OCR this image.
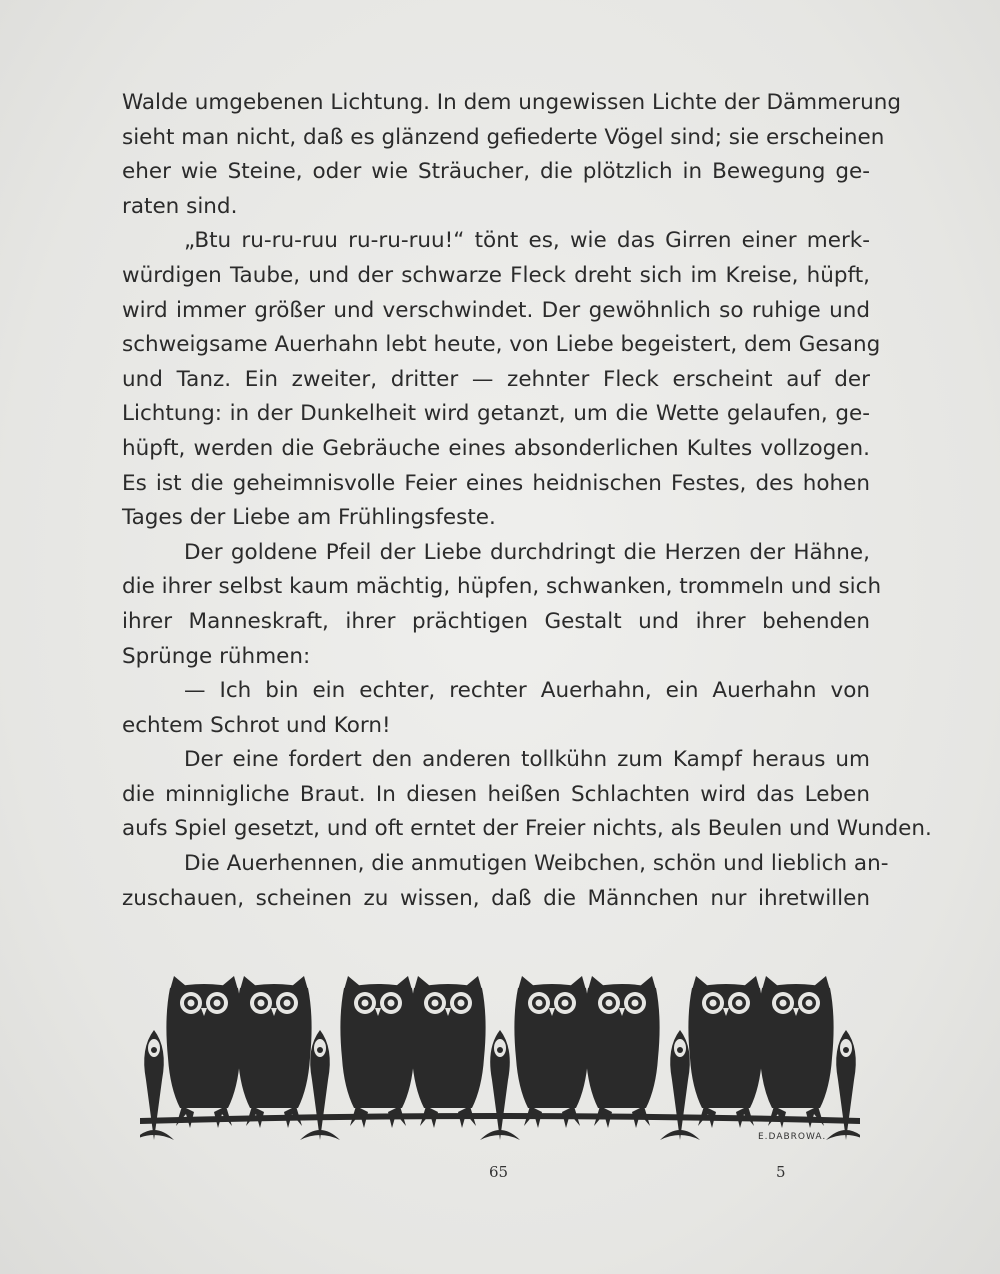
Walde umgebenen Lichtung. In dem ungewissen Lichte der Dämmerung
sieht man nicht, daß es glänzend gefiederte Vögel sind; sie erscheinen
eher wie Steine, oder wie Sträucher, die plötzlich in Bewegung ge-
raten sind.
„Btu ru-ru-ruu ru-ru-ruu!“ tönt es, wie das Girren einer merk-
würdigen Taube, und der schwarze Fleck dreht sich im Kreise, hüpft,
wird immer größer und verschwindet. Der gewöhnlich so ruhige und
schweigsame Auerhahn lebt heute, von Liebe begeistert, dem Gesang
und Tanz. Ein zweiter, dritter — zehnter Fleck erscheint auf der
Lichtung: in der Dunkelheit wird getanzt, um die Wette gelaufen, ge-
hüpft, werden die Gebräuche eines absonderlichen Kultes vollzogen.
Es ist die geheimnisvolle Feier eines heidnischen Festes, des hohen
Tages der Liebe am Frühlingsfeste.
Der goldene Pfeil der Liebe durchdringt die Herzen der Hähne,
die ihrer selbst kaum mächtig, hüpfen, schwanken, trommeln und sich
ihrer Manneskraft, ihrer prächtigen Gestalt und ihrer behenden
Sprünge rühmen:
— Ich bin ein echter, rechter Auerhahn, ein Auerhahn von
echtem Schrot und Korn!
Der eine fordert den anderen tollkühn zum Kampf heraus um
die minnigliche Braut. In diesen heißen Schlachten wird das Leben
aufs Spiel gesetzt, und oft erntet der Freier nichts, als Beulen und Wunden.
Die Auerhennen, die anmutigen Weibchen, schön und lieblich an-
zuschauen, scheinen zu wissen, daß die Männchen nur ihretwillen
E.DABROWA.
65	5
